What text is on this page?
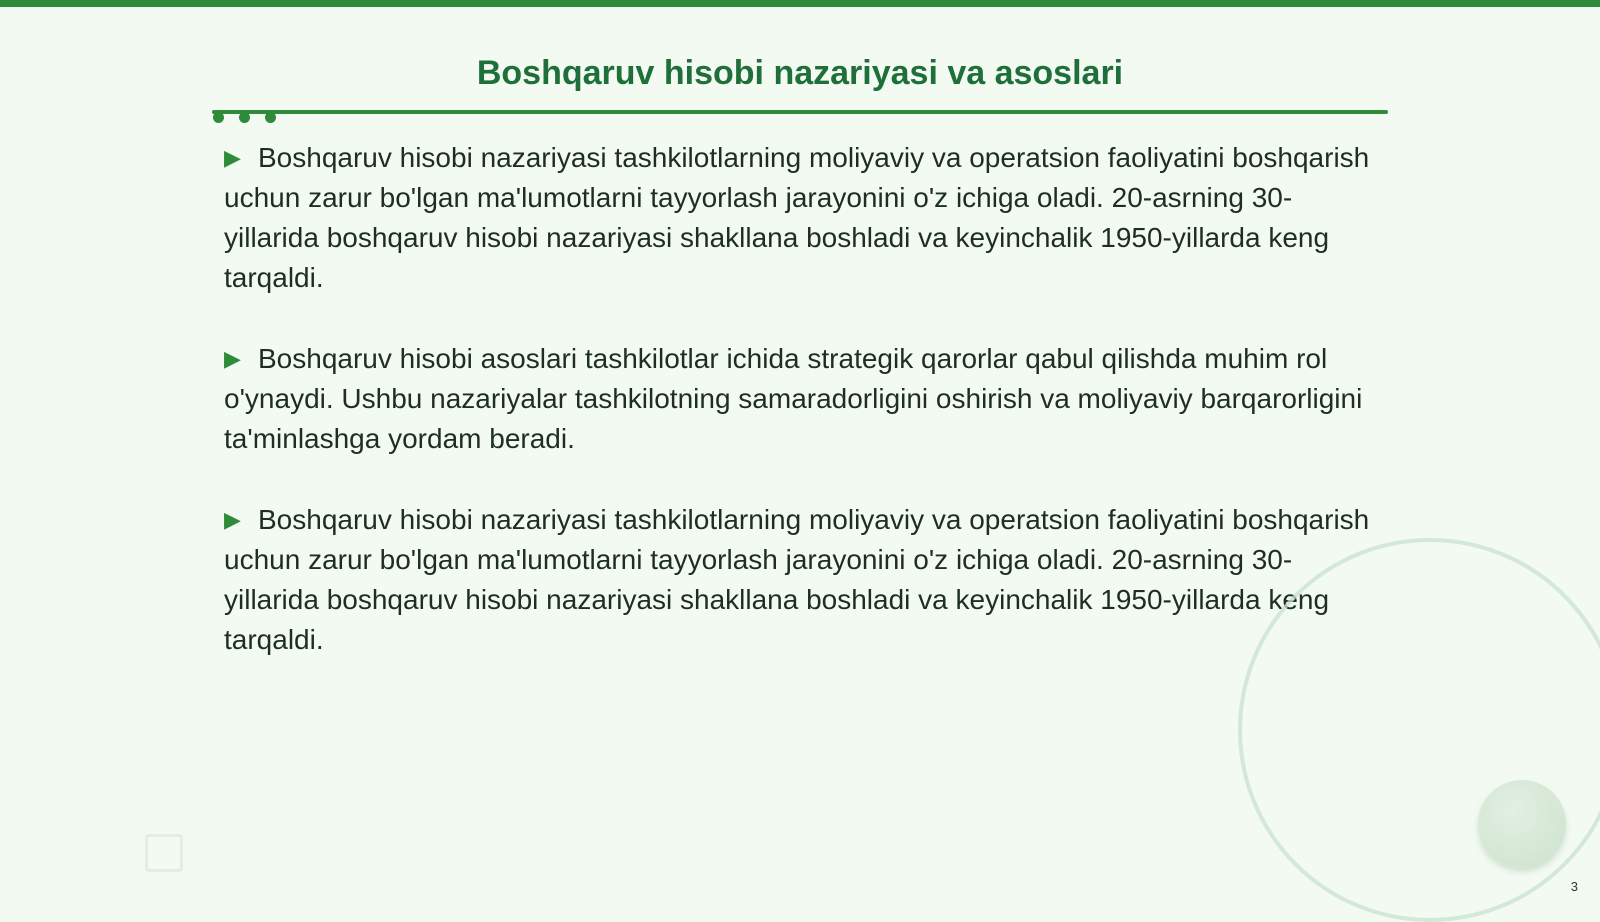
Boshqaruv hisobi nazariyasi va asoslari

▶ Boshqaruv hisobi nazariyasi tashkilotlarning moliyaviy va operatsion faoliyatini boshqarish uchun zarur bo'lgan ma'lumotlarni tayyorlash jarayonini o'z ichiga oladi. 20-asrning 30-yillarida boshqaruv hisobi nazariyasi shakllana boshladi va keyinchalik 1950-yillarda keng tarqaldi.

▶ Boshqaruv hisobi asoslari tashkilotlar ichida strategik qarorlar qabul qilishda muhim rol o'ynaydi. Ushbu nazariyalar tashkilotning samaradorligini oshirish va moliyaviy barqarorligini ta'minlashga yordam beradi.

▶ Boshqaruv hisobi nazariyasi tashkilotlarning moliyaviy va operatsion faoliyatini boshqarish uchun zarur bo'lgan ma'lumotlarni tayyorlash jarayonini o'z ichiga oladi. 20-asrning 30-yillarida boshqaruv hisobi nazariyasi shakllana boshladi va keyinchalik 1950-yillarda keng tarqaldi.

3
